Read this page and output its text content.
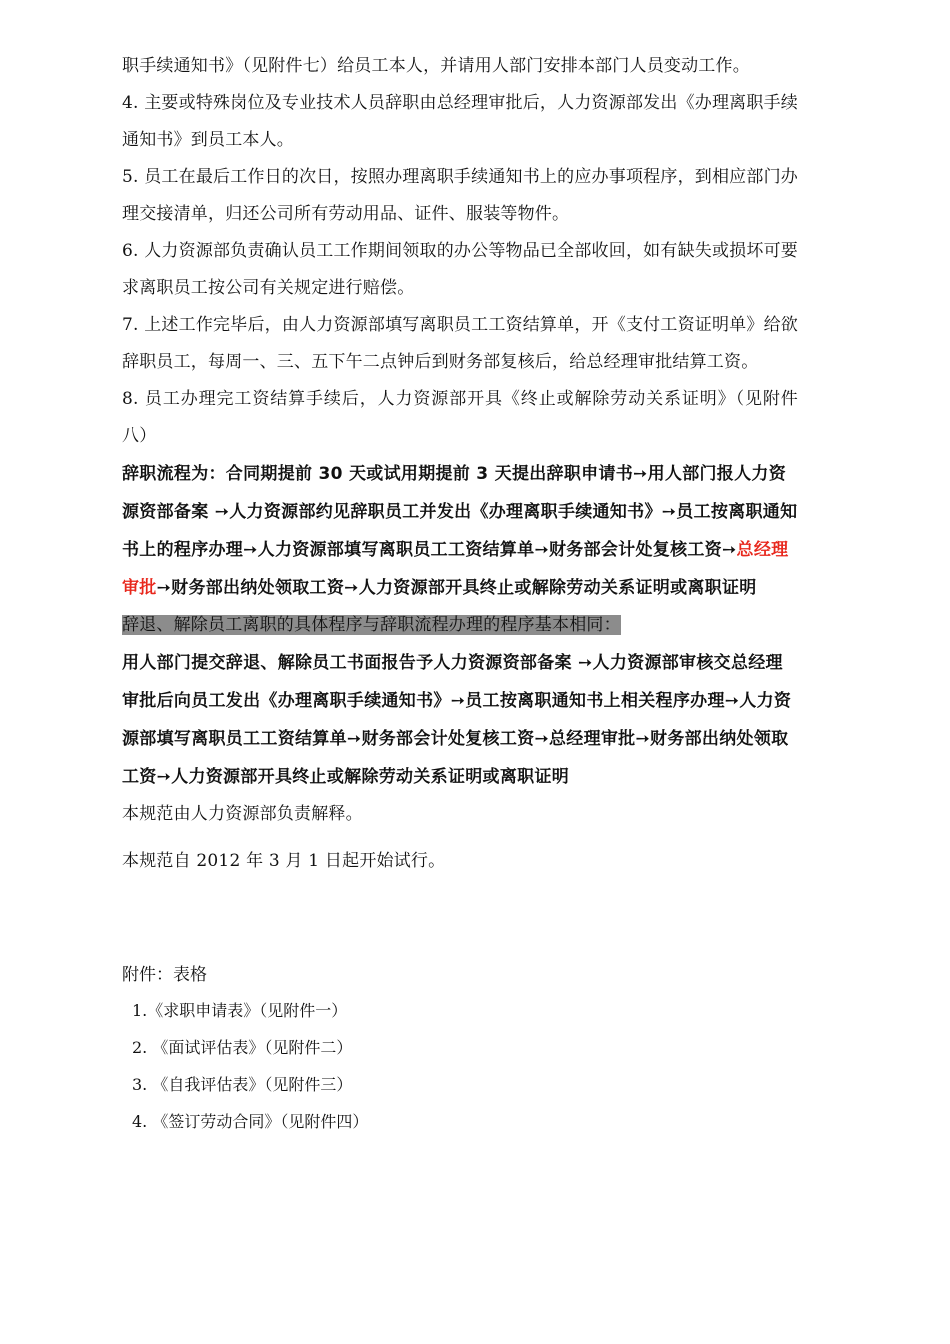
职手续通知书》（见附件七）给员工本人，并请用人部门安排本部门人员变动工作。

4. 主要或特殊岗位及专业技术人员辞职由总经理审批后，人力资源部发出《办理离职手续通知书》到员工本人。

5. 员工在最后工作日的次日，按照办理离职手续通知书上的应办事项程序，到相应部门办理交接清单，归还公司所有劳动用品、证件、服装等物件。

6. 人力资源部负责确认员工工作期间领取的办公等物品已全部收回，如有缺失或损坏可要求离职员工按公司有关规定进行赔偿。

7. 上述工作完毕后，由人力资源部填写离职员工工资结算单，开《支付工资证明单》给欲辞职员工，每周一、三、五下午二点钟后到财务部复核后，给总经理审批结算工资。

8. 员工办理完工资结算手续后，人力资源部开具《终止或解除劳动关系证明》（见附件八）

辞职流程为：合同期提前 30 天或试用期提前 3 天提出辞职申请书➙用人部门报人力资源资部备案 ➙人力资源部约见辞职员工并发出《办理离职手续通知书》➙员工按离职通知书上的程序办理➙人力资源部填写离职员工工资结算单➙财务部会计处复核工资➙总经理审批➙财务部出纳处领取工资➙人力资源部开具终止或解除劳动关系证明或离职证明

辞退、解除员工离职的具体程序与辞职流程办理的程序基本相同：

用人部门提交辞退、解除员工书面报告予人力资源资部备案 ➙人力资源部审核交总经理审批后向员工发出《办理离职手续通知书》➙员工按离职通知书上相关程序办理➙人力资源部填写离职员工工资结算单➙财务部会计处复核工资➙总经理审批➙财务部出纳处领取工资➙人力资源部开具终止或解除劳动关系证明或离职证明

本规范由人力资源部负责解释。

本规范自 2012 年 3 月 1 日起开始试行。

附件：表格

1.《求职申请表》（见附件一）
2. 《面试评估表》（见附件二）
3. 《自我评估表》（见附件三）
4. 《签订劳动合同》（见附件四）
